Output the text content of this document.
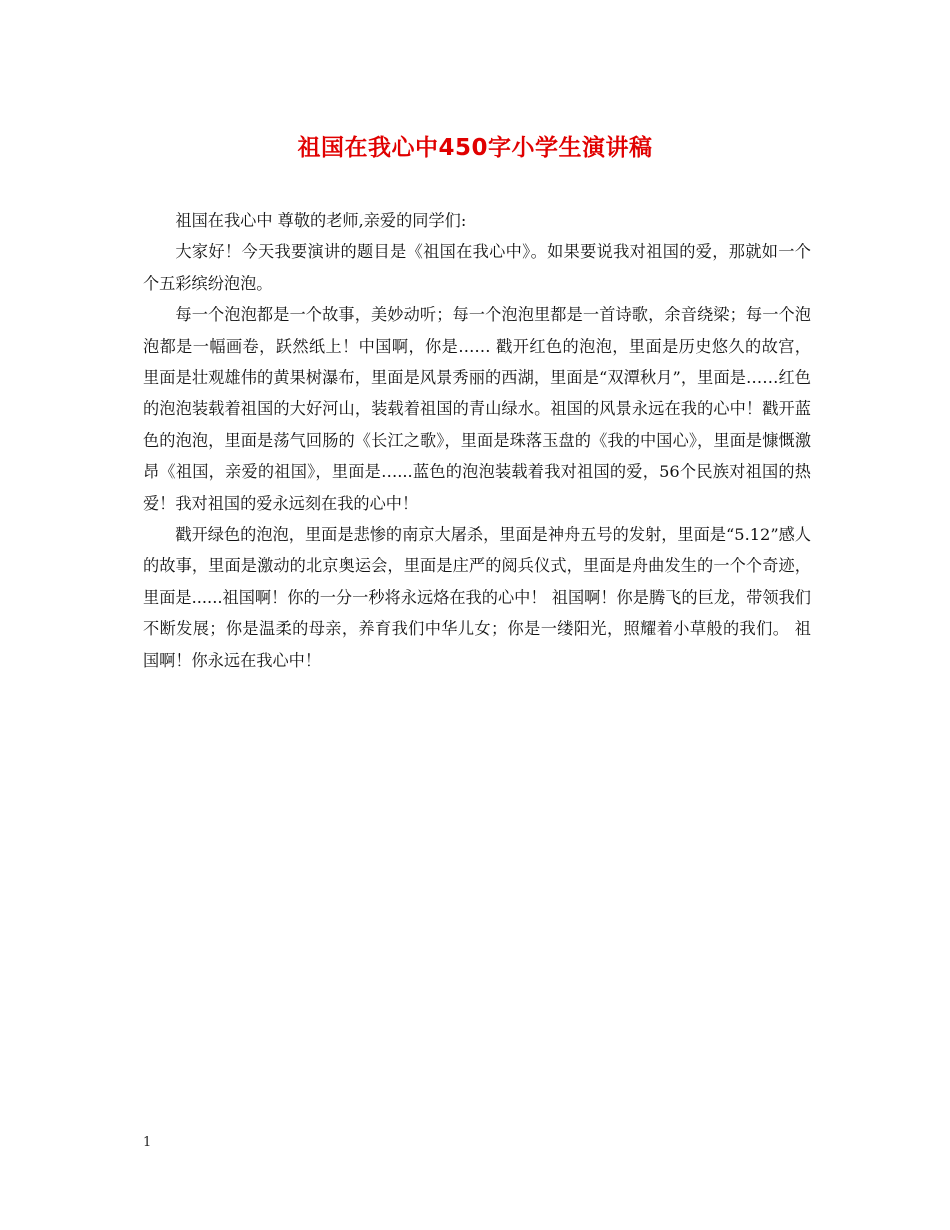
祖国在我心中450字小学生演讲稿

祖国在我心中 尊敬的老师,亲爱的同学们:

大家好！今天我要演讲的题目是《祖国在我心中》。如果要说我对祖国的爱，那就如一个个五彩缤纷泡泡。

每一个泡泡都是一个故事，美妙动听；每一个泡泡里都是一首诗歌，余音绕梁；每一个泡泡都是一幅画卷，跃然纸上！中国啊，你是…… 戳开红色的泡泡，里面是历史悠久的故宫，里面是壮观雄伟的黄果树瀑布，里面是风景秀丽的西湖，里面是“双潭秋月”，里面是……红色的泡泡装载着祖国的大好河山，装载着祖国的青山绿水。祖国的风景永远在我的心中！戳开蓝色的泡泡，里面是荡气回肠的《长江之歌》，里面是珠落玉盘的《我的中国心》，里面是慷慨激昂《祖国，亲爱的祖国》，里面是…...蓝色的泡泡装载着我对祖国的爱，56个民族对祖国的热爱！我对祖国的爱永远刻在我的心中！

戳开绿色的泡泡，里面是悲惨的南京大屠杀，里面是神舟五号的发射，里面是“5.12”感人的故事，里面是激动的北京奥运会，里面是庄严的阅兵仪式，里面是舟曲发生的一个个奇迹，里面是......祖国啊！你的一分一秒将永远烙在我的心中！ 祖国啊！你是腾飞的巨龙，带领我们不断发展；你是温柔的母亲，养育我们中华儿女；你是一缕阳光，照耀着小草般的我们。 祖国啊！你永远在我心中！

1
